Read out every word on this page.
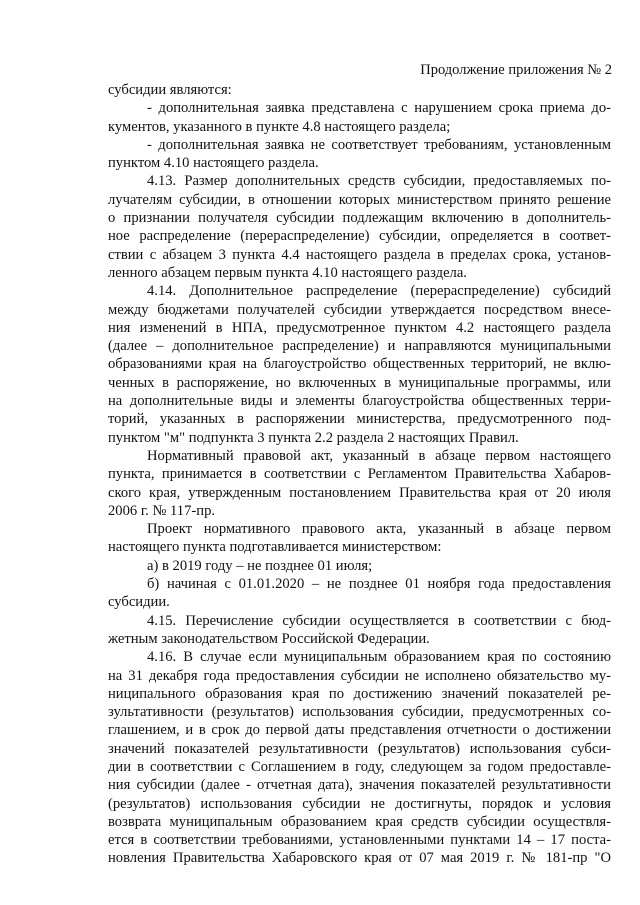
Продолжение приложения № 2

субсидии являются:

- дополнительная заявка представлена с нарушением срока приема до-

кументов, указанного в пункте 4.8 настоящего раздела;

- дополнительная заявка не соответствует требованиям, установленным

пунктом 4.10 настоящего раздела.

4.13. Размер дополнительных средств субсидии, предоставляемых по-

лучателям субсидии, в отношении которых министерством принято решение

о признании получателя субсидии подлежащим включению в дополнитель-

ное распределение (перераспределение) субсидии, определяется в соответ-

ствии с абзацем 3 пункта 4.4 настоящего раздела в пределах срока, установ-

ленного абзацем первым пункта 4.10 настоящего раздела.

4.14. Дополнительное распределение (перераспределение) субсидий

между бюджетами получателей субсидии утверждается посредством внесе-

ния изменений в НПА, предусмотренное пунктом 4.2 настоящего раздела

(далее – дополнительное распределение) и направляются муниципальными

образованиями края на благоустройство общественных территорий, не вклю-

ченных в распоряжение, но включенных в муниципальные программы, или

на дополнительные виды и элементы благоустройства общественных терри-

торий, указанных в распоряжении министерства, предусмотренного под-

пунктом "м" подпункта 3 пункта 2.2 раздела 2 настоящих Правил.

Нормативный правовой акт, указанный в абзаце первом настоящего

пункта, принимается в соответствии с Регламентом Правительства Хабаров-

ского края, утвержденным постановлением Правительства края от 20 июля

2006 г. № 117-пр.

Проект нормативного правового акта, указанный в абзаце первом

настоящего пункта подготавливается министерством:

а) в 2019 году – не позднее 01 июля;

б) начиная с 01.01.2020 – не позднее 01 ноября года предоставления

субсидии.

4.15. Перечисление субсидии осуществляется в соответствии с бюд-

жетным законодательством Российской Федерации.

4.16. В случае если муниципальным образованием края по состоянию

на 31 декабря года предоставления субсидии не исполнено обязательство му-

ниципального образования края по достижению значений показателей ре-

зультативности (результатов) использования субсидии, предусмотренных со-

глашением, и в срок до первой даты представления отчетности о достижении

значений показателей результативности (результатов) использования субси-

дии в соответствии с Соглашением в году, следующем за годом предоставле-

ния субсидии (далее - отчетная дата), значения показателей результативности

(результатов) использования субсидии не достигнуты, порядок и условия

возврата муниципальным образованием края средств субсидии осуществля-

ется в соответствии требованиями, установленными пунктами 14 – 17 поста-

новления Правительства Хабаровского края от 07 мая 2019 г. № 181-пр "О
